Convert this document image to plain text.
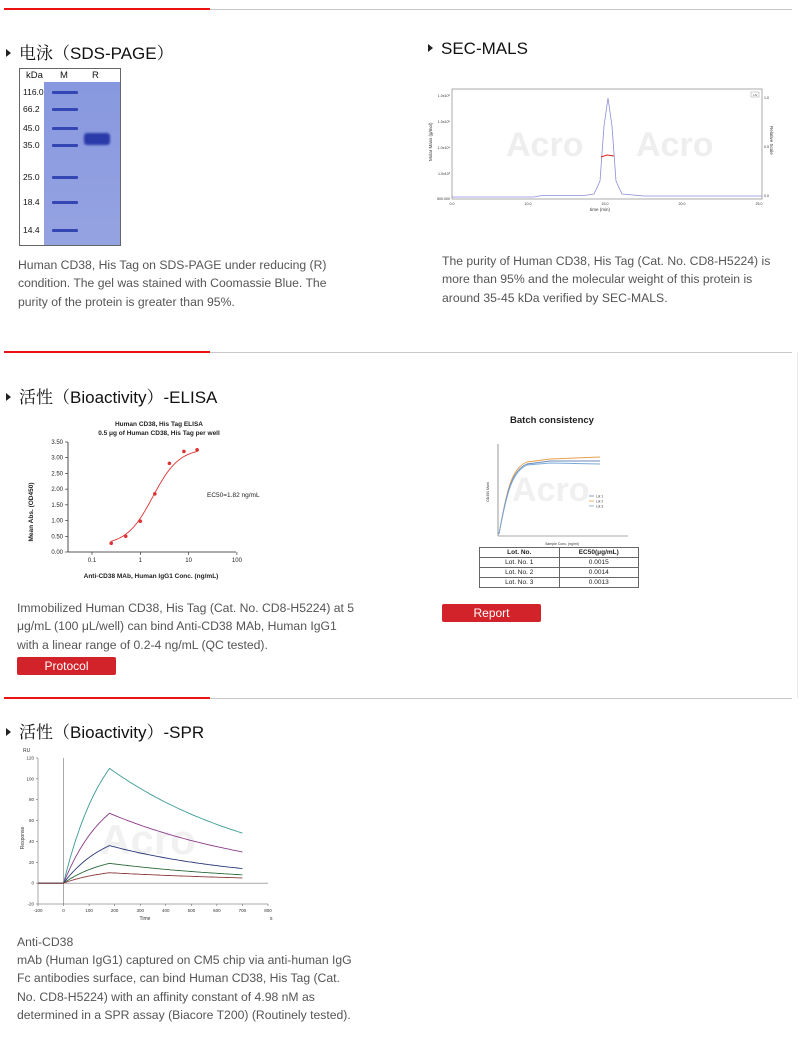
电泳（SDS-PAGE）
kDa M	R
116.0
66.2
45.0
35.0
25.0
18.4
14.4
Human CD38, His Tag on SDS-PAGE under reducing (R) condition. The gel was stained with Coomassie Blue. The purity of the protein is greater than 95%.
SEC-MALS
Acro Acro
Molar Mass (g/mol)	Relative Scale
time (min)
1.0x10⁶
1.0x10⁵
1.0x10⁴
1.0x10³
500.000
1.0
0.5
0.0
0.0	10.0	15.0	20.0	25.0
LS
The purity of Human CD38, His Tag (Cat. No. CD8-H5224) is more than 95% and the molecular weight of this protein is around 35-45 kDa verified by SEC-MALS.
活性（Bioactivity）-ELISA
Human CD38, His Tag ELISA
0.5 μg of Human CD38, His Tag per well
Mean Abs. (OD450)
Anti-CD38 MAb, Human IgG1 Conc. (ng/mL)
EC50=1.82 ng/mL
0.00
0.50
1.00
1.50
2.00
2.50
3.00
3.50
0.1	1	10	100
Immobilized Human CD38, His Tag (Cat. No. CD8-H5224) at 5 μg/mL (100 μL/well) can bind Anti-CD38 MAb, Human IgG1 with a linear range of 0.2-4 ng/mL (QC tested).
Protocol
Batch consistency
Acro
OD450 Mark
Sample Conc. (ng/ml)
Lot 1
Lot 2
Lot 3
Lot. No.	EC50(μg/mL)
Lot. No. 1	0.0015
Lot. No. 2	0.0014
Lot. No. 3	0.0013
Report
活性（Bioactivity）-SPR
Acro
RU
Response
Time	s
120
100
80
60
40
20
0
-20
-100	0	100	200	300	400	500	600	700	800
Anti-CD38
mAb (Human IgG1) captured on CM5 chip via anti-human IgG Fc antibodies surface, can bind Human CD38, His Tag (Cat. No. CD8-H5224) with an affinity constant of 4.98 nM as determined in a SPR assay (Biacore T200) (Routinely tested).
